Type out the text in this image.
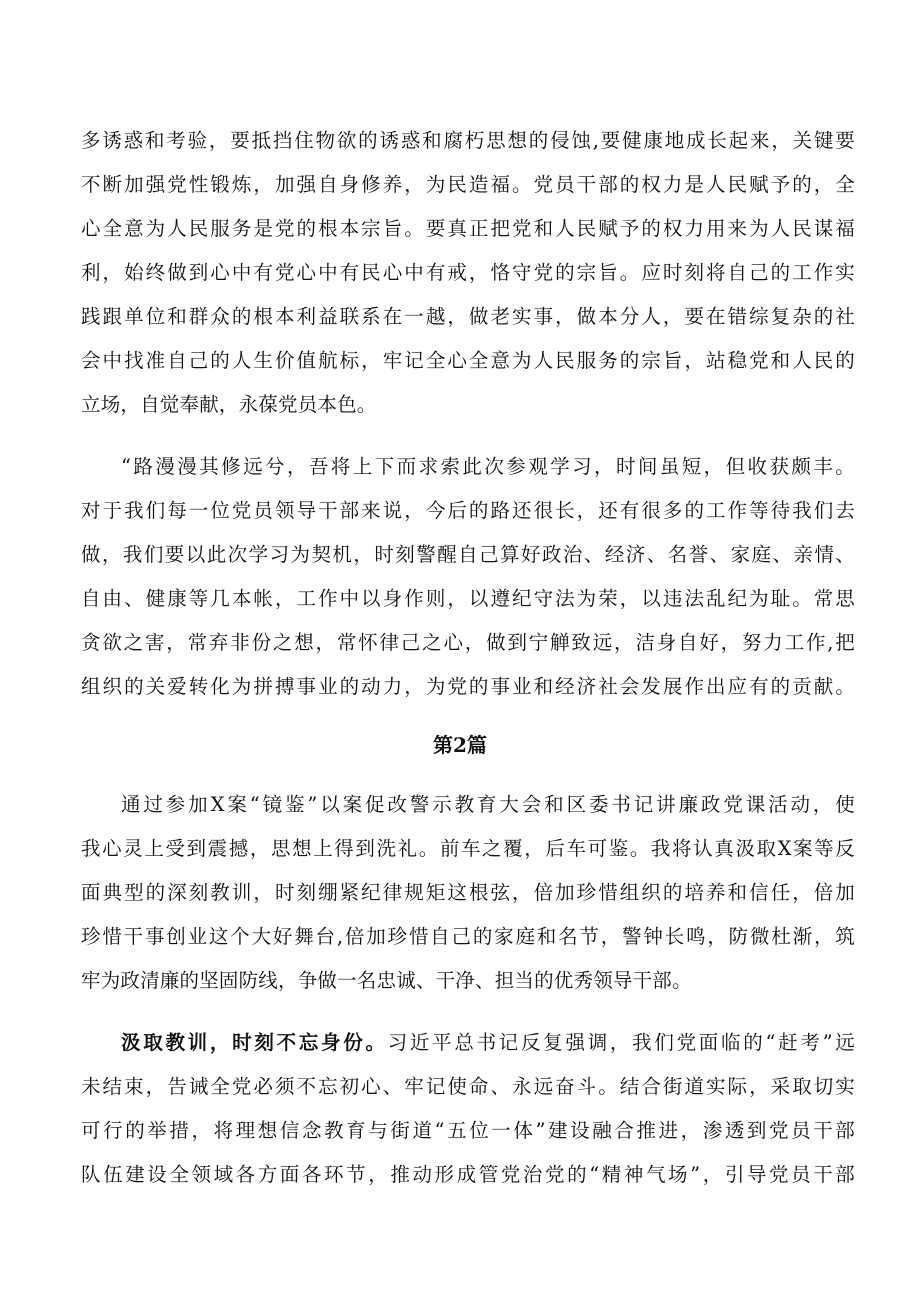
多诱惑和考验，要抵挡住物欲的诱惑和腐朽思想的侵蚀,要健康地成长起来，关键要
不断加强党性锻炼，加强自身修养，为民造福。党员干部的权力是人民赋予的，全
心全意为人民服务是党的根本宗旨。要真正把党和人民赋予的权力用来为人民谋福
利，始终做到心中有党心中有民心中有戒，恪守党的宗旨。应时刻将自己的工作实
践跟单位和群众的根本利益联系在一越，做老实事，做本分人，要在错综复杂的社
会中找准自己的人生价值航标，牢记全心全意为人民服务的宗旨，站稳党和人民的
立场，自觉奉献，永葆党员本色。
“路漫漫其修远兮，吾将上下而求索此次参观学习，时间虽短，但收获颇丰。
对于我们每一位党员领导干部来说，今后的路还很长，还有很多的工作等待我们去
做，我们要以此次学习为契机，时刻警醒自己算好政治、经济、名誉、家庭、亲情、
自由、健康等几本帐，工作中以身作则，以遵纪守法为荣，以违法乱纪为耻。常思
贪欲之害，常弃非份之想，常怀律己之心，做到宁觯致远，洁身自好，努力工作,把
组织的关爱转化为拼搏事业的动力，为党的事业和经济社会发展作出应有的贡献。
第2篇
通过参加X案“镜鉴”以案促改警示教育大会和区委书记讲廉政党课活动，使
我心灵上受到震撼，思想上得到洗礼。前车之覆，后车可鉴。我将认真汲取X案等反
面典型的深刻教训，时刻绷紧纪律规矩这根弦，倍加珍惜组织的培养和信任，倍加
珍惜干事创业这个大好舞台,倍加珍惜自己的家庭和名节，警钟长鸣，防微杜渐，筑
牢为政清廉的坚固防线，争做一名忠诚、干净、担当的优秀领导干部。
汲取教训，时刻不忘身份。习近平总书记反复强调，我们党面临的“赶考”远
未结束，告诫全党必须不忘初心、牢记使命、永远奋斗。结合街道实际，采取切实
可行的举措，将理想信念教育与街道“五位一体”建设融合推进，渗透到党员干部
队伍建设全领域各方面各环节，推动形成管党治党的“精神气场”，引导党员干部
